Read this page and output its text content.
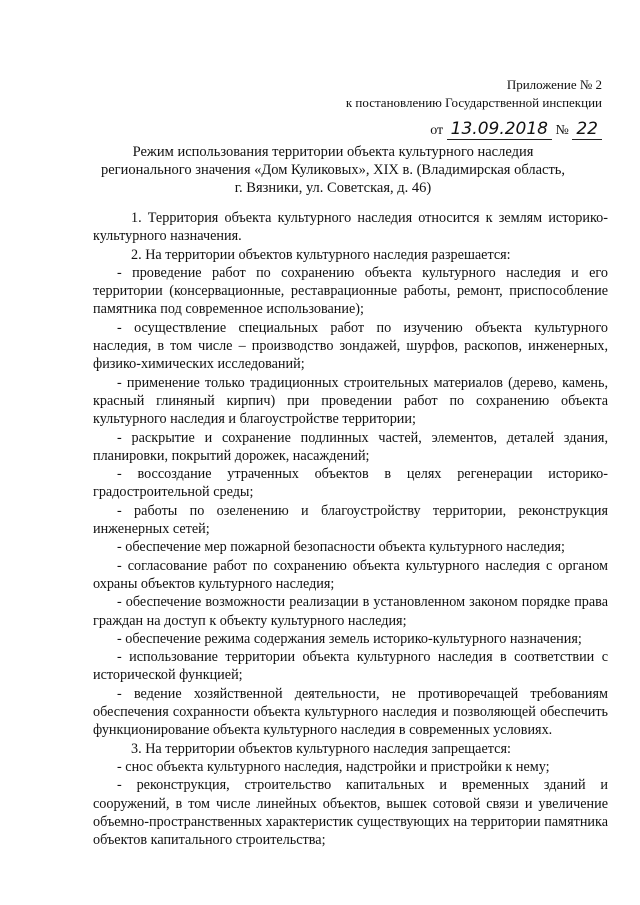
Приложение № 2
к постановлению Государственной инспекции
от 13.09.2018 № 22
Режим использования территории объекта культурного наследия
регионального значения «Дом Куликовых», XIX в. (Владимирская область,
г. Вязники, ул. Советская, д. 46)

1. Территория объекта культурного наследия относится к землям историко-культурного назначения.

2. На территории объектов культурного наследия разрешается:

- проведение работ по сохранению объекта культурного наследия и его территории (консервационные, реставрационные работы, ремонт, приспособление памятника под современное использование);

- осуществление специальных работ по изучению объекта культурного наследия, в том числе – производство зондажей, шурфов, раскопов, инженерных, физико-химических исследований;

- применение только традиционных строительных материалов (дерево, камень, красный глиняный кирпич) при проведении работ по сохранению объекта культурного наследия и благоустройстве территории;

- раскрытие и сохранение подлинных частей, элементов, деталей здания, планировки, покрытий дорожек, насаждений;

- воссоздание утраченных объектов в целях регенерации историко-градостроительной среды;

- работы по озеленению и благоустройству территории, реконструкция инженерных сетей;

- обеспечение мер пожарной безопасности объекта культурного наследия;

- согласование работ по сохранению объекта культурного наследия с органом охраны объектов культурного наследия;

- обеспечение возможности реализации в установленном законом порядке права граждан на доступ к объекту культурного наследия;

- обеспечение режима содержания земель историко-культурного назначения;

- использование территории объекта культурного наследия в соответствии с исторической функцией;

- ведение хозяйственной деятельности, не противоречащей требованиям обеспечения сохранности объекта культурного наследия и позволяющей обеспечить функционирование объекта культурного наследия в современных условиях.

3. На территории объектов культурного наследия запрещается:

- снос объекта культурного наследия, надстройки и пристройки к нему;

- реконструкция, строительство капитальных и временных зданий и сооружений, в том числе линейных объектов, вышек сотовой связи и увеличение объемно-пространственных характеристик существующих на территории памятника объектов капитального строительства;
